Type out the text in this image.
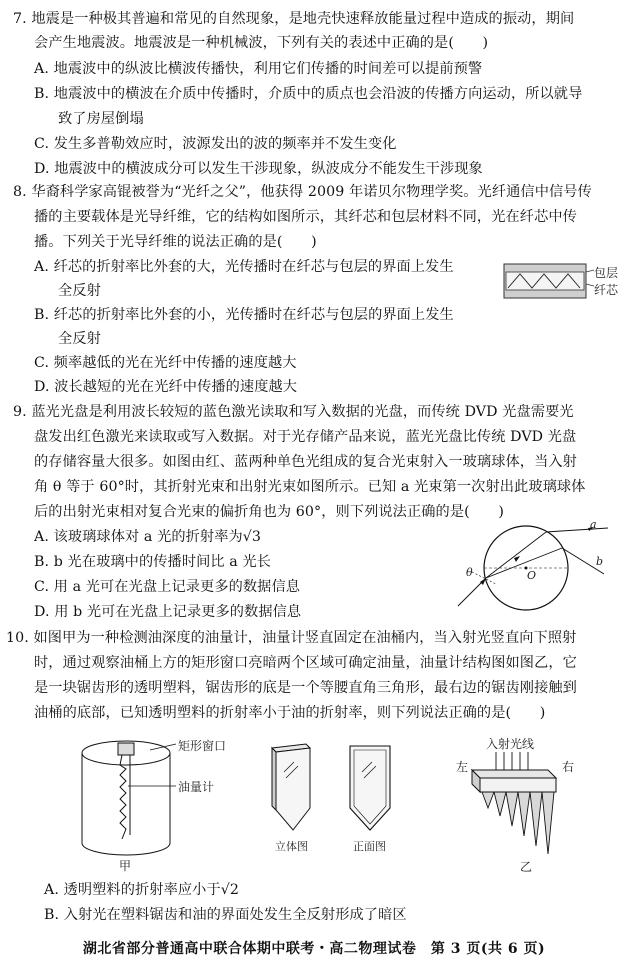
7. 地震是一种极其普遍和常见的自然现象，是地壳快速释放能量过程中造成的振动，期间
会产生地震波。地震波是一种机械波，下列有关的表述中正确的是(　　)
A. 地震波中的纵波比横波传播快，利用它们传播的时间差可以提前预警
B. 地震波中的横波在介质中传播时，介质中的质点也会沿波的传播方向运动，所以就导
致了房屋倒塌
C. 发生多普勒效应时，波源发出的波的频率并不发生变化
D. 地震波中的横波成分可以发生干涉现象，纵波成分不能发生干涉现象
8. 华裔科学家高锟被誉为“光纤之父”，他获得 2009 年诺贝尔物理学奖。光纤通信中信号传
播的主要载体是光导纤维，它的结构如图所示，其纤芯和包层材料不同，光在纤芯中传
播。下列关于光导纤维的说法正确的是(　　)
A. 纤芯的折射率比外套的大，光传播时在纤芯与包层的界面上发生
全反射
B. 纤芯的折射率比外套的小，光传播时在纤芯与包层的界面上发生
全反射
C. 频率越低的光在光纤中传播的速度越大
D. 波长越短的光在光纤中传播的速度越大
包层
纤芯
9. 蓝光光盘是利用波长较短的蓝色激光读取和写入数据的光盘，而传统 DVD 光盘需要光
盘发出红色激光来读取或写入数据。对于光存储产品来说，蓝光光盘比传统 DVD 光盘
的存储容量大很多。如图由红、蓝两种单色光组成的复合光束射入一玻璃球体，当入射
角 θ 等于 60°时，其折射光束和出射光束如图所示。已知 a 光束第一次射出此玻璃球体
后的出射光束相对复合光束的偏折角也为 60°，则下列说法正确的是(　　)
A. 该玻璃球体对 a 光的折射率为√3
B. b 光在玻璃中的传播时间比 a 光长
C. 用 a 光可在光盘上记录更多的数据信息
D. 用 b 光可在光盘上记录更多的数据信息
a
b
θ	O
10. 如图甲为一种检测油深度的油量计，油量计竖直固定在油桶内，当入射光竖直向下照射
时，通过观察油桶上方的矩形窗口亮暗两个区域可确定油量，油量计结构图如图乙，它
是一块锯齿形的透明塑料，锯齿形的底是一个等腰直角三角形，最右边的锯齿刚接触到
油桶的底部，已知透明塑料的折射率小于油的折射率，则下列说法正确的是(　　)
矩形窗口
油量计
甲
立体图	正面图
入射光线
左	右
乙
A. 透明塑料的折射率应小于√2
B. 入射光在塑料锯齿和油的界面处发生全反射形成了暗区
湖北省部分普通高中联合体期中联考・高二物理试卷　第 3 页(共 6 页)
